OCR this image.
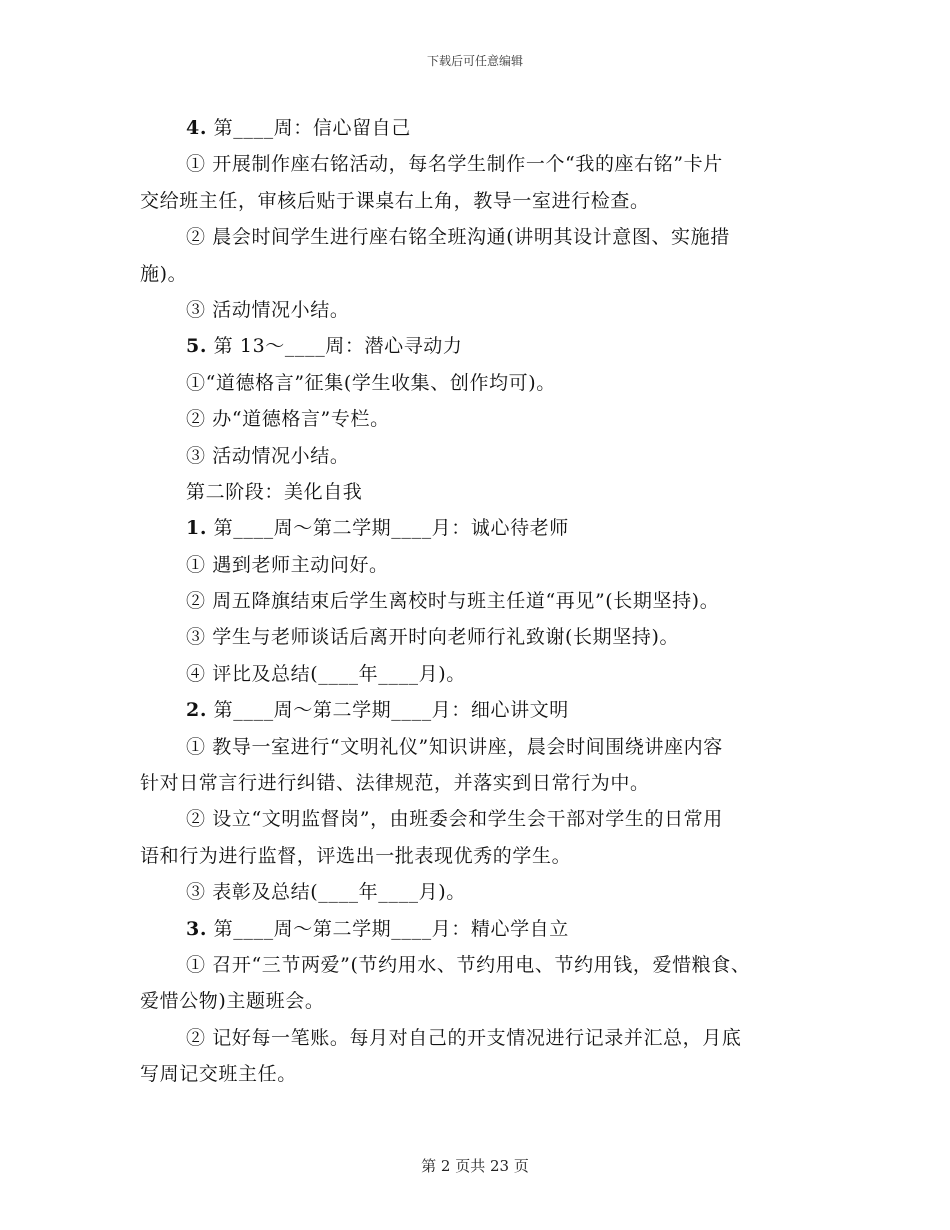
下载后可任意编辑
4. 第____周：信心留自己
① 开展制作座右铭活动，每名学生制作一个“我的座右铭”卡片
交给班主任，审核后贴于课桌右上角，教导一室进行检查。
② 晨会时间学生进行座右铭全班沟通(讲明其设计意图、实施措
施)。
③ 活动情况小结。
5. 第 13～____周：潜心寻动力
①“道德格言”征集(学生收集、创作均可)。
② 办“道德格言”专栏。
③ 活动情况小结。
第二阶段：美化自我
1. 第____周～第二学期____月：诚心待老师
① 遇到老师主动问好。
② 周五降旗结束后学生离校时与班主任道“再见”(长期坚持)。
③ 学生与老师谈话后离开时向老师行礼致谢(长期坚持)。
④ 评比及总结(____年____月)。
2. 第____周～第二学期____月：细心讲文明
① 教导一室进行“文明礼仪”知识讲座，晨会时间围绕讲座内容
针对日常言行进行纠错、法律规范，并落实到日常行为中。
② 设立“文明监督岗”，由班委会和学生会干部对学生的日常用
语和行为进行监督，评选出一批表现优秀的学生。
③ 表彰及总结(____年____月)。
3. 第____周～第二学期____月：精心学自立
① 召开“三节两爱”(节约用水、节约用电、节约用钱，爱惜粮食、
爱惜公物)主题班会。
② 记好每一笔账。每月对自己的开支情况进行记录并汇总，月底
写周记交班主任。
第 2 页共 23 页
